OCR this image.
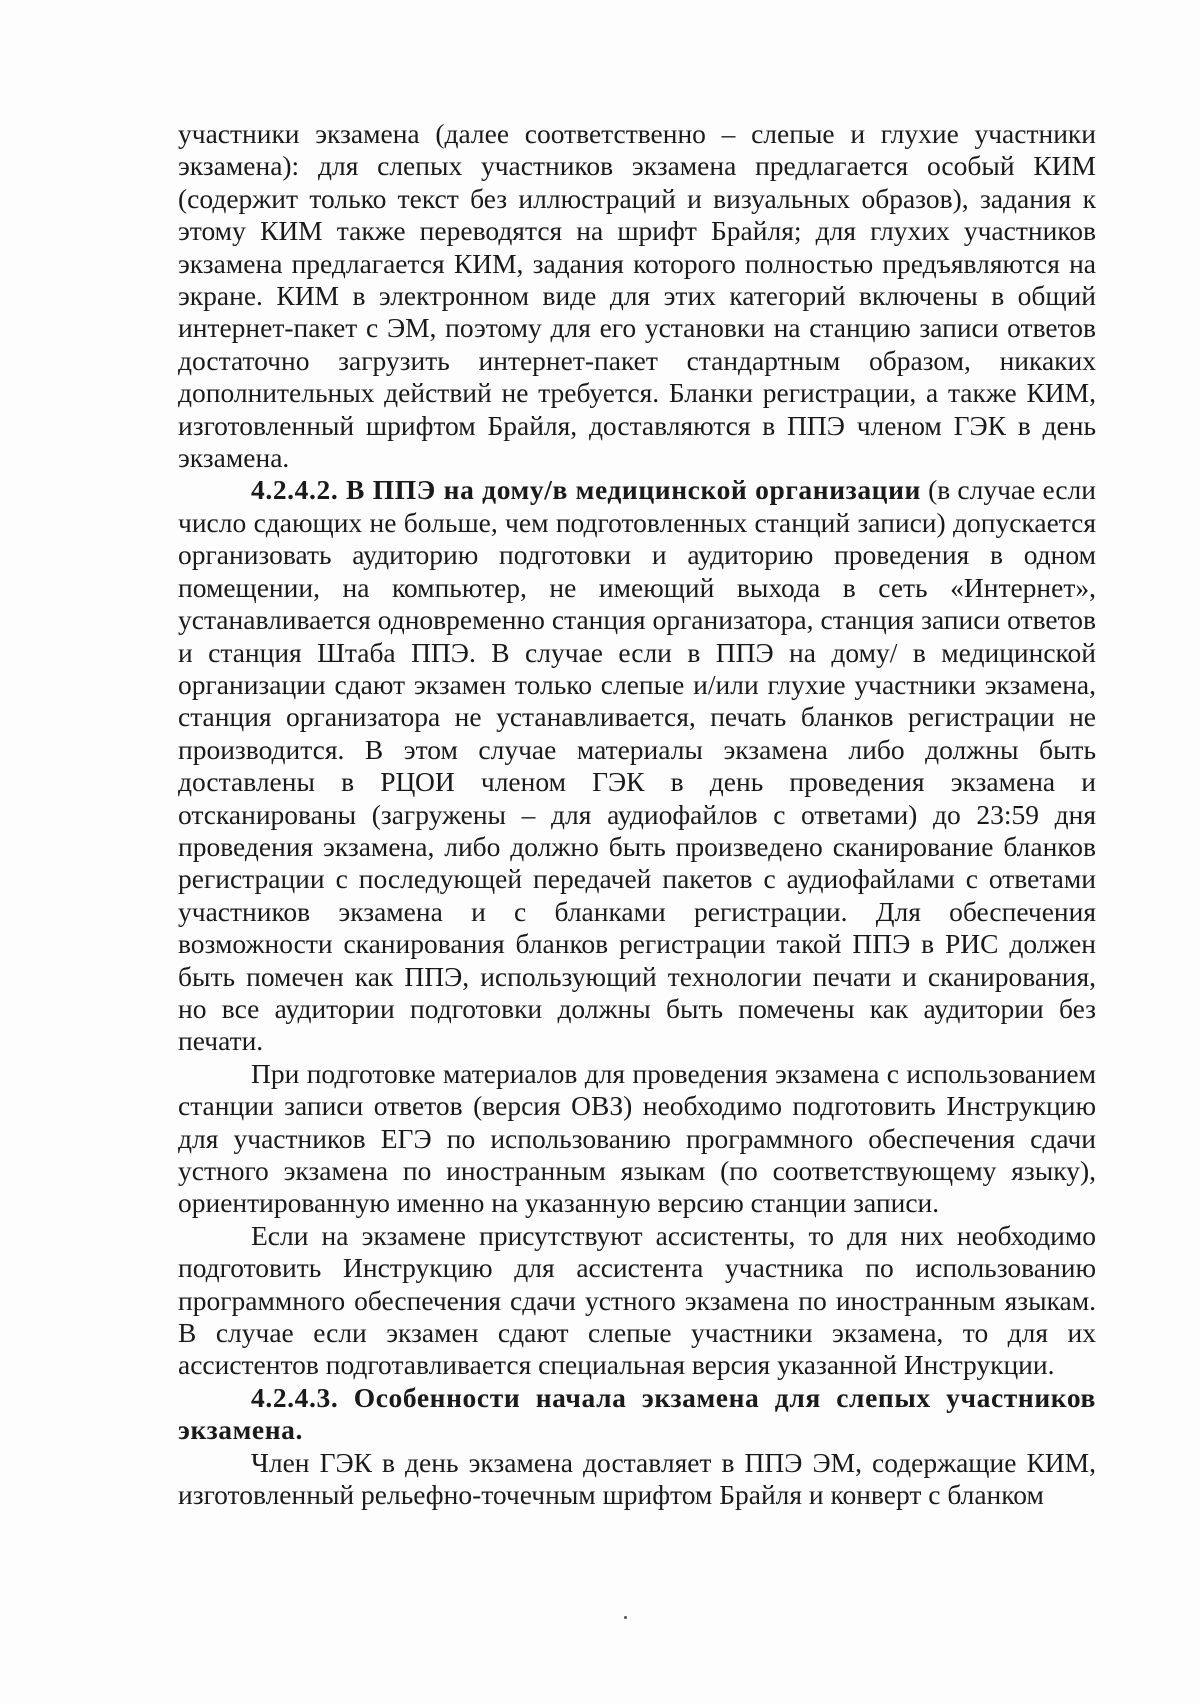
участники экзамена (далее соответственно – слепые и глухие участники экзамена): для слепых участников экзамена предлагается особый КИМ (содержит только текст без иллюстраций и визуальных образов), задания к этому КИМ также переводятся на шрифт Брайля; для глухих участников экзамена предлагается КИМ, задания которого полностью предъявляются на экране. КИМ в электронном виде для этих категорий включены в общий интернет-пакет с ЭМ, поэтому для его установки на станцию записи ответов достаточно загрузить интернет-пакет стандартным образом, никаких дополнительных действий не требуется. Бланки регистрации, а также КИМ, изготовленный шрифтом Брайля, доставляются в ППЭ членом ГЭК в день экзамена.

4.2.4.2. В ППЭ на дому/в медицинской организации (в случае если число сдающих не больше, чем подготовленных станций записи) допускается организовать аудиторию подготовки и аудиторию проведения в одном помещении, на компьютер, не имеющий выхода в сеть «Интернет», устанавливается одновременно станция организатора, станция записи ответов и станция Штаба ППЭ. В случае если в ППЭ на дому/ в медицинской организации сдают экзамен только слепые и/или глухие участники экзамена, станция организатора не устанавливается, печать бланков регистрации не производится. В этом случае материалы экзамена либо должны быть доставлены в РЦОИ членом ГЭК в день проведения экзамена и отсканированы (загружены – для аудиофайлов с ответами) до 23:59 дня проведения экзамена, либо должно быть произведено сканирование бланков регистрации с последующей передачей пакетов с аудиофайлами с ответами участников экзамена и с бланками регистрации. Для обеспечения возможности сканирования бланков регистрации такой ППЭ в РИС должен быть помечен как ППЭ, использующий технологии печати и сканирования, но все аудитории подготовки должны быть помечены как аудитории без печати.

При подготовке материалов для проведения экзамена с использованием станции записи ответов (версия ОВЗ) необходимо подготовить Инструкцию для участников ЕГЭ по использованию программного обеспечения сдачи устного экзамена по иностранным языкам (по соответствующему языку), ориентированную именно на указанную версию станции записи.

Если на экзамене присутствуют ассистенты, то для них необходимо подготовить Инструкцию для ассистента участника по использованию программного обеспечения сдачи устного экзамена по иностранным языкам. В случае если экзамен сдают слепые участники экзамена, то для их ассистентов подготавливается специальная версия указанной Инструкции.

4.2.4.3. Особенности начала экзамена для слепых участников экзамена.

Член ГЭК в день экзамена доставляет в ППЭ ЭМ, содержащие КИМ, изготовленный рельефно-точечным шрифтом Брайля и конверт с бланком
